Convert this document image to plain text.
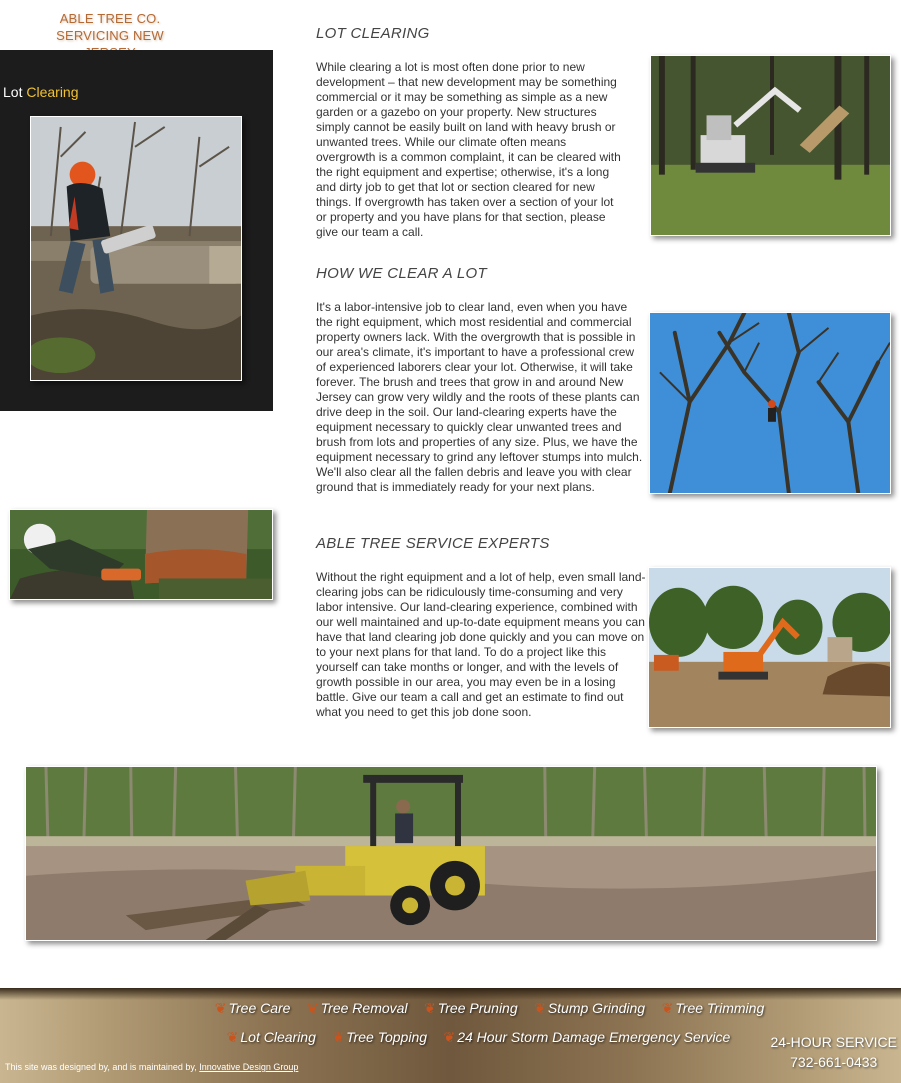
ABLE TREE CO.
SERVICING NEW
Lot Clearing
LOT CLEARING
While clearing a lot is most often done prior to new development – that new development may be something commercial or it may be something as simple as a new garden or a gazebo on your property. New structures simply cannot be easily built on land with heavy brush or unwanted trees. While our climate often means overgrowth is a common complaint, it can be cleared with the right equipment and expertise; otherwise, it's a long and dirty job to get that lot or section cleared for new things. If overgrowth has taken over a section of your lot or property and you have plans for that section, please give our team a call.
HOW WE CLEAR A LOT
It's a labor-intensive job to clear land, even when you have the right equipment, which most residential and commercial property owners lack. With the overgrowth that is possible in our area's climate, it's important to have a professional crew of experienced laborers clear your lot. Otherwise, it will take forever. The brush and trees that grow in and around New Jersey can grow very wildly and the roots of these plants can drive deep in the soil. Our land-clearing experts have the equipment necessary to quickly clear unwanted trees and brush from lots and properties of any size. Plus, we have the equipment necessary to grind any leftover stumps into mulch. We'll also clear all the fallen debris and leave you with clear ground that is immediately ready for your next plans.
ABLE TREE SERVICE EXPERTS
Without the right equipment and a lot of help, even small land-clearing jobs can be ridiculously time-consuming and very labor intensive. Our land-clearing experience, combined with our well maintained and up-to-date equipment means you can have that land clearing job done quickly and you can move on to your next plans for that land. To do a project like this yourself can take months or longer, and with the levels of growth possible in our area, you may even be in a losing battle. Give our team a call and get an estimate to find out what you need to get this job done soon.
❦ Tree Care ❦ Tree Removal ❦ Tree Pruning ❦ Stump Grinding ❦ Tree Trimming
❦ Lot Clearing ❦ Tree Topping ❦ 24 Hour Storm Damage Emergency Service	24-HOUR SERVICE
732-661-0433
This site was designed by, and is maintained by, Innovative Design Group
